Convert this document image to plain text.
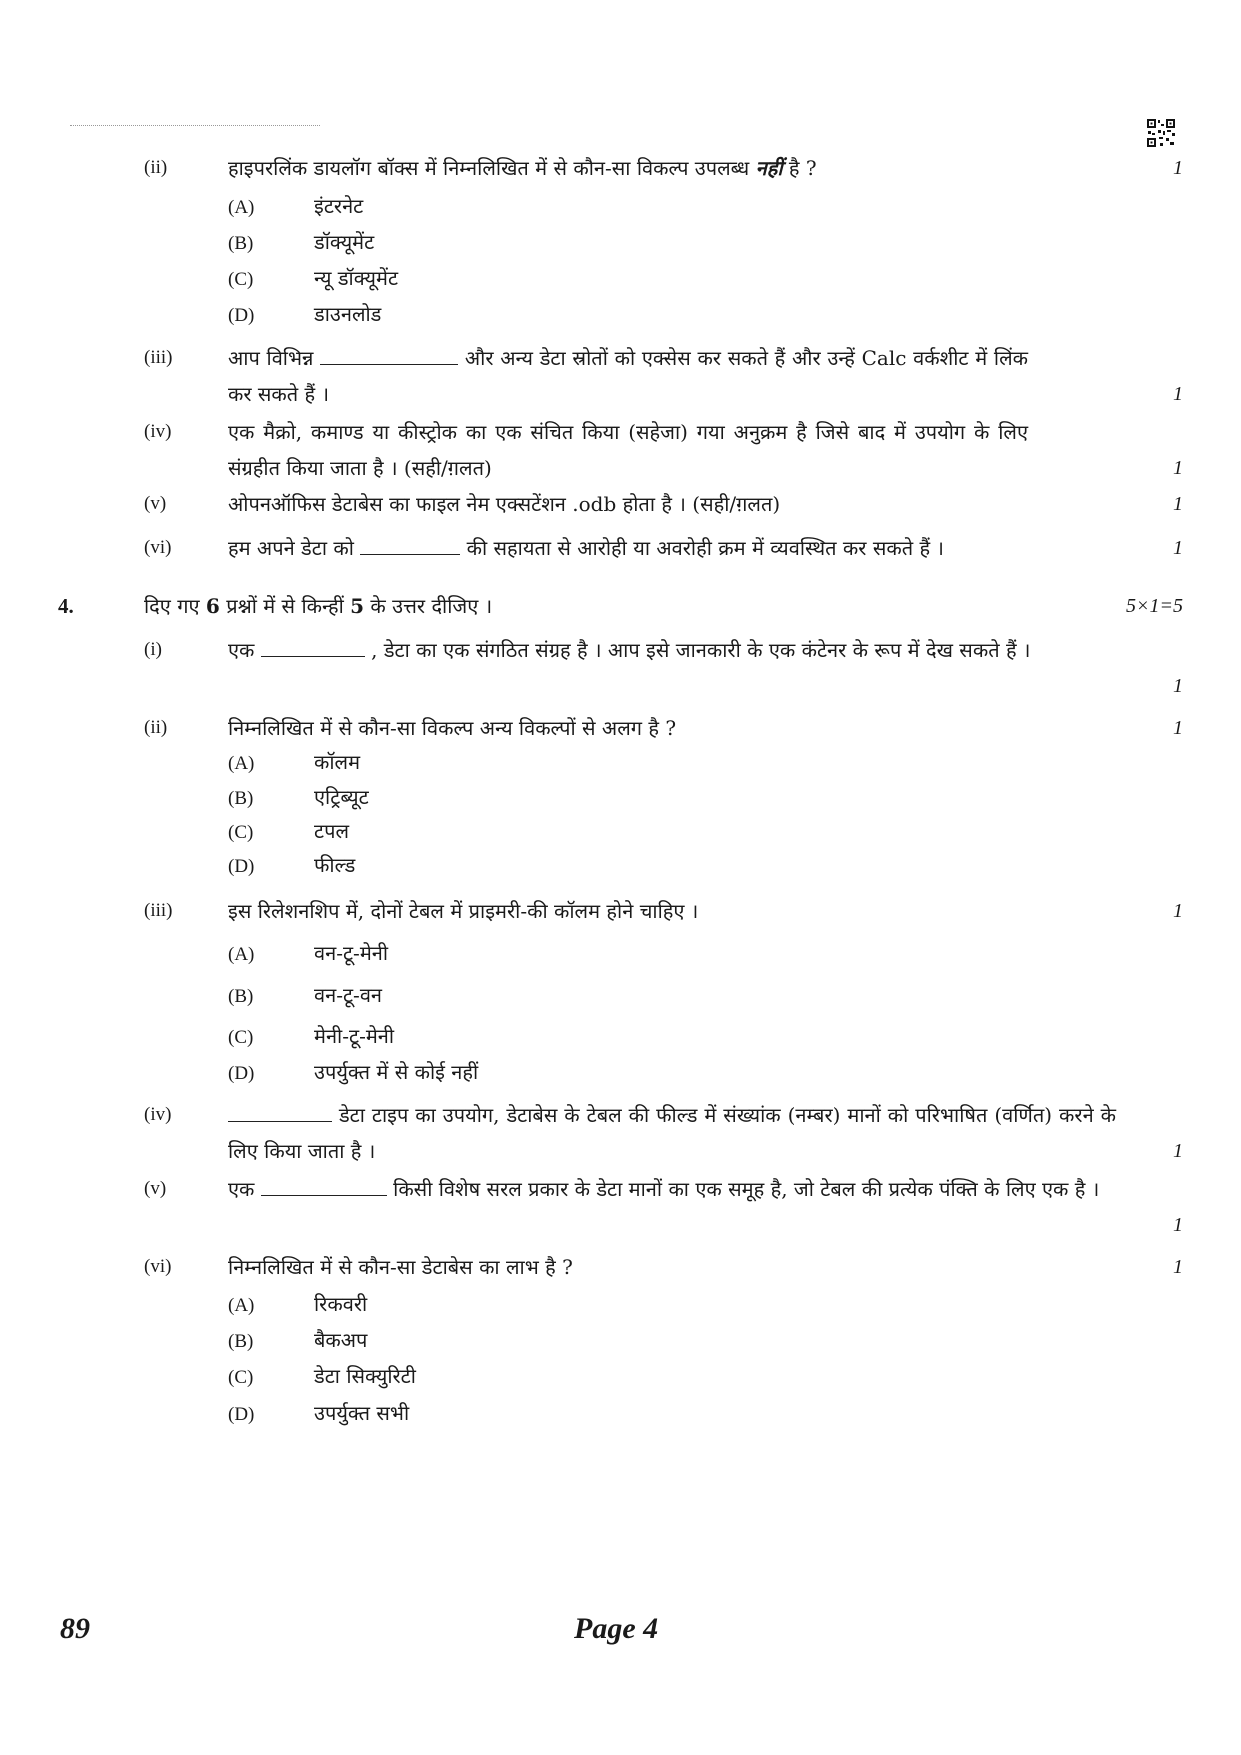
(ii)	हाइपरलिंक डायलॉग बॉक्स में निम्नलिखित में से कौन-सा विकल्प उपलब्ध नहीं है ?	1
(A)	इंटरनेट
(B)	डॉक्यूमेंट
(C)	न्यू डॉक्यूमेंट
(D)	डाउनलोड
(iii)	आप विभिन्न	और अन्य डेटा स्रोतों को एक्सेस कर सकते हैं और उन्हें Calc वर्कशीट में लिंक कर सकते हैं ।	1
(iv)	एक मैक्रो, कमाण्ड या कीस्ट्रोक का एक संचित किया (सहेजा) गया अनुक्रम है जिसे बाद में उपयोग के लिए संग्रहीत किया जाता है । (सही/ग़लत)	1
(v)	ओपनऑफिस डेटाबेस का फाइल नेम एक्सटेंशन .odb होता है । (सही/ग़लत)	1
(vi)	हम अपने डेटा को	की सहायता से आरोही या अवरोही क्रम में व्यवस्थित कर सकते हैं ।	1
4.	दिए गए 6 प्रश्नों में से किन्हीं 5 के उत्तर दीजिए ।	5×1=5
(i)	एक	, डेटा का एक संगठित संग्रह है । आप इसे जानकारी के एक कंटेनर के रूप में देख सकते हैं ।
1
(ii)	निम्नलिखित में से कौन-सा विकल्प अन्य विकल्पों से अलग है ?	1
(A)	कॉलम
(B)	एट्रिब्यूट
(C)	टपल
(D)	फील्ड
(iii)	इस रिलेशनशिप में, दोनों टेबल में प्राइमरी-की कॉलम होने चाहिए ।	1
(A)	वन-टू-मेनी
(B)	वन-टू-वन
(C)	मेनी-टू-मेनी
(D)	उपर्युक्त में से कोई नहीं
(iv)	डेटा टाइप का उपयोग, डेटाबेस के टेबल की फील्ड में संख्यांक (नम्बर) मानों को परिभाषित (वर्णित) करने के लिए किया जाता है ।	1
(v)	एक	किसी विशेष सरल प्रकार के डेटा मानों का एक समूह है, जो टेबल की प्रत्येक पंक्ति के लिए एक है ।
1
(vi)	निम्नलिखित में से कौन-सा डेटाबेस का लाभ है ?	1
(A)	रिकवरी
(B)	बैकअप
(C)	डेटा सिक्युरिटी
(D)	उपर्युक्त सभी
89	Page 4
